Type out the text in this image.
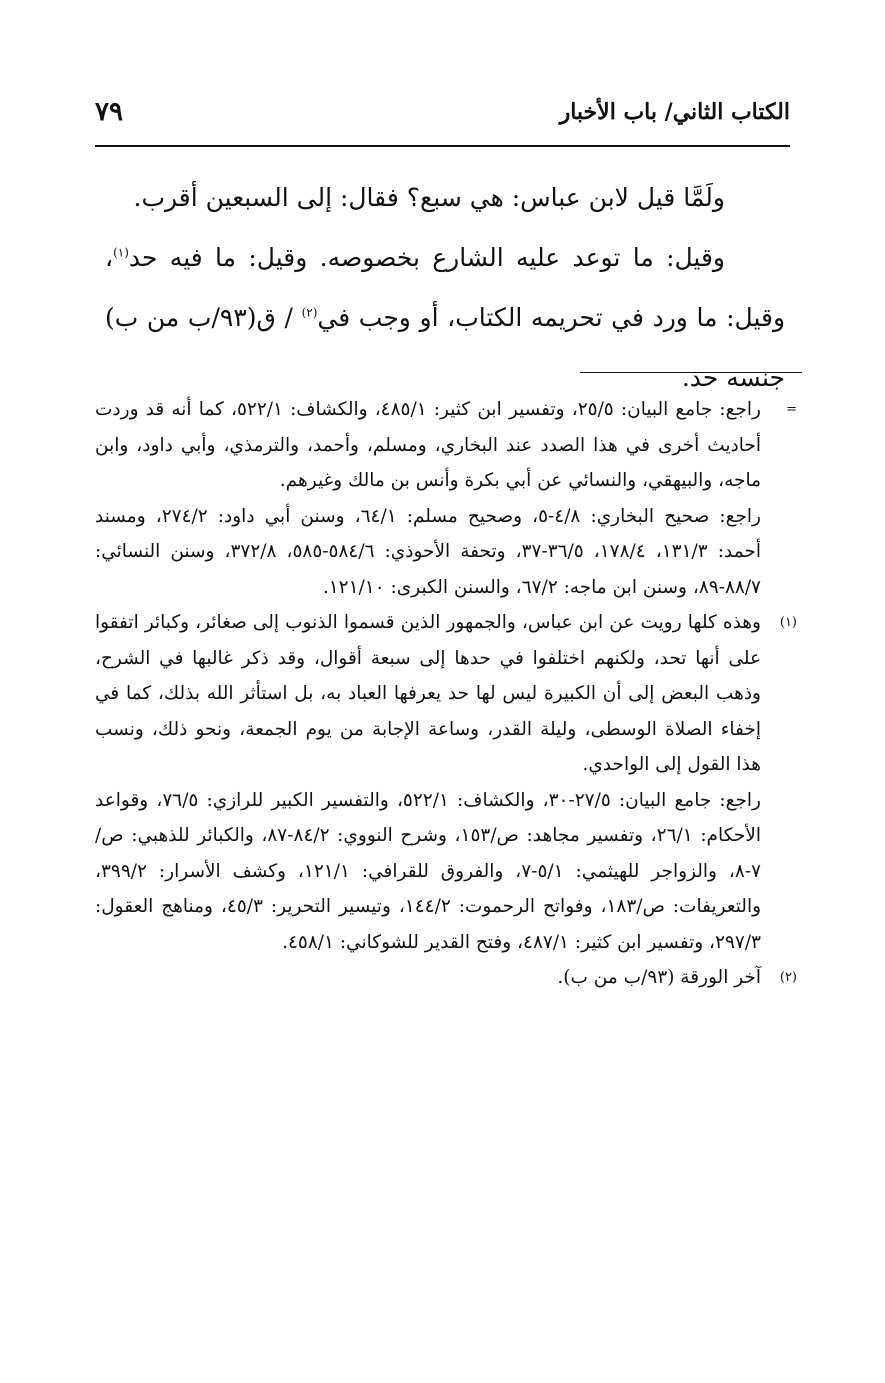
٧٩	الكتاب الثاني/ باب الأخبار

ولَمَّا قيل لابن عباس: هي سبع؟ فقال: إلى السبعين أقرب.

وقيل: ما توعد عليه الشارع بخصوصه. وقيل: ما فيه حد$^{(١)}$، وقيل: ما ورد في تحريمه الكتاب، أو وجب في$^{(٢)}$ / ق(٩٣/ب من ب) جنسه حد.

=

راجع: جامع البيان: ٢٥/٥، وتفسير ابن كثير: ٤٨٥/١، والكشاف: ٥٢٢/١، كما أنه قد وردت أحاديث أخرى في هذا الصدد عند البخاري، ومسلم، وأحمد، والترمذي، وأبي داود، وابن ماجه، والبيهقي، والنسائي عن أبي بكرة وأنس بن مالك وغيرهم.

راجع: صحيح البخاري: ٤/٨-٥، وصحيح مسلم: ٦٤/١، وسنن أبي داود: ٢٧٤/٢، ومسند أحمد: ١٣١/٣، ١٧٨/٤، ٣٦/٥-٣٧، وتحفة الأحوذي: ٥٨٤/٦-٥٨٥، ٣٧٢/٨، وسنن النسائي: ٨٨/٧-٨٩، وسنن ابن ماجه: ٦٧/٢، والسنن الكبرى: ١٢١/١٠.

(١)

وهذه كلها رويت عن ابن عباس، والجمهور الذين قسموا الذنوب إلى صغائر، وكبائر اتفقوا على أنها تحد، ولكنهم اختلفوا في حدها إلى سبعة أقوال، وقد ذكر غالبها في الشرح، وذهب البعض إلى أن الكبيرة ليس لها حد يعرفها العباد به، بل استأثر الله بذلك، كما في إخفاء الصلاة الوسطى، وليلة القدر، وساعة الإجابة من يوم الجمعة، ونحو ذلك، ونسب هذا القول إلى الواحدي.

راجع: جامع البيان: ٢٧/٥-٣٠، والكشاف: ٥٢٢/١، والتفسير الكبير للرازي: ٧٦/٥، وقواعد الأحكام: ٢٦/١، وتفسير مجاهد: ص/١٥٣، وشرح النووي: ٨٤/٢-٨٧، والكبائر للذهبي: ص/٧-٨، والزواجر للهيثمي: ٥/١-٧، والفروق للقرافي: ١٢١/١، وكشف الأسرار: ٣٩٩/٢، والتعريفات: ص/١٨٣، وفواتح الرحموت: ١٤٤/٢، وتيسير التحرير: ٤٥/٣، ومناهج العقول: ٢٩٧/٣، وتفسير ابن كثير: ٤٨٧/١، وفتح القدير للشوكاني: ٤٥٨/١.

(٢)

آخر الورقة (٩٣/ب من ب).
